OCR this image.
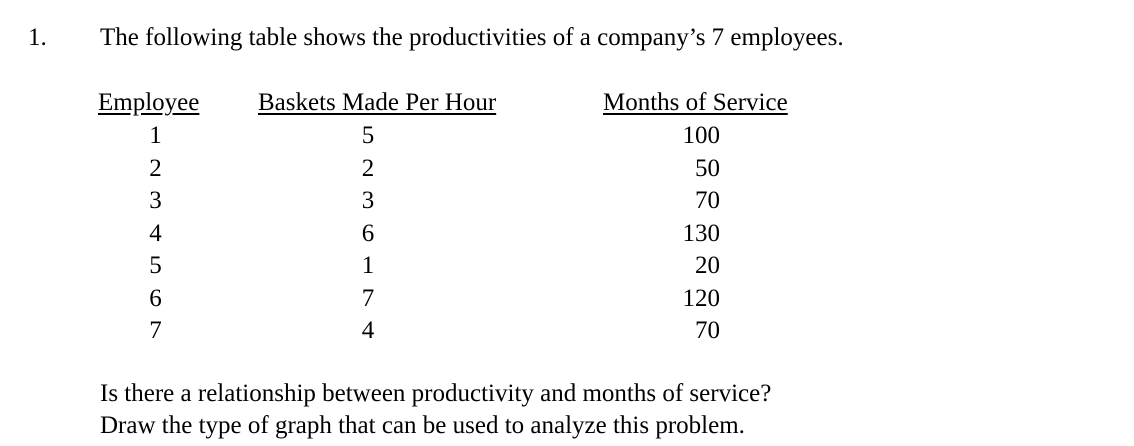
1. The following table shows the productivities of a company’s 7 employees.
Employee	Baskets Made Per Hour	Months of Service
1
2
3
4
5
6
7
5
2
3
6
1
7
4
100
50
70
130
20
120
70
Is there a relationship between productivity and months of service?
Draw the type of graph that can be used to analyze this problem.
